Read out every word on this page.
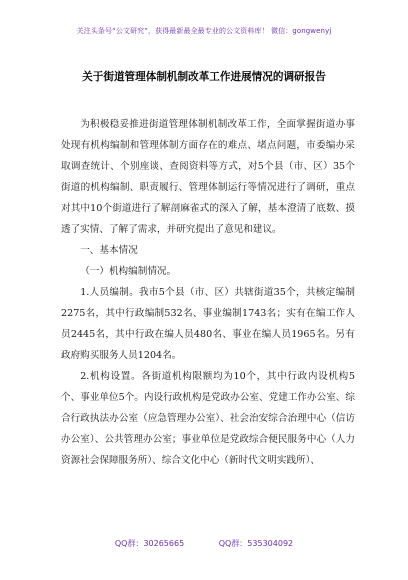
关注头条号“公文研究”，获得最新最全最专业的公文资料库！ 微信：gongwenyj
关于街道管理体制机制改革工作进展情况的调研报告

为积极稳妥推进街道管理体制机制改革工作，全面掌握街道办事处现有机构编制和管理体制方面存在的难点、堵点问题，市委编办采取调查统计、个别座谈、查阅资料等方式，对5个县（市、区）35个街道的机构编制、职责履行、管理体制运行等情况进行了调研，重点对其中10个街道进行了解剖麻雀式的深入了解，基本澄清了底数、摸透了实情、了解了需求，并研究提出了意见和建议。

一、基本情况

（一）机构编制情况。

1.人员编制。我市5个县（市、区）共辖街道35个，共核定编制2275名，其中行政编制532名、事业编制1743名；实有在编工作人员2445名，其中行政在编人员480名、事业在编人员1965名。另有政府购买服务人员1204名。

2.机构设置。各街道机构限额均为10个，其中行政内设机构5个、事业单位5个。内设行政机构是党政办公室、党建工作办公室、综合行政执法办公室（应急管理办公室）、社会治安综合治理中心（信访办公室）、公共管理办公室；事业单位是党政综合便民服务中心（人力资源社会保障服务所）、综合文化中心（新时代文明实践所）、

QQ群：30265665	QQ群：535304092
